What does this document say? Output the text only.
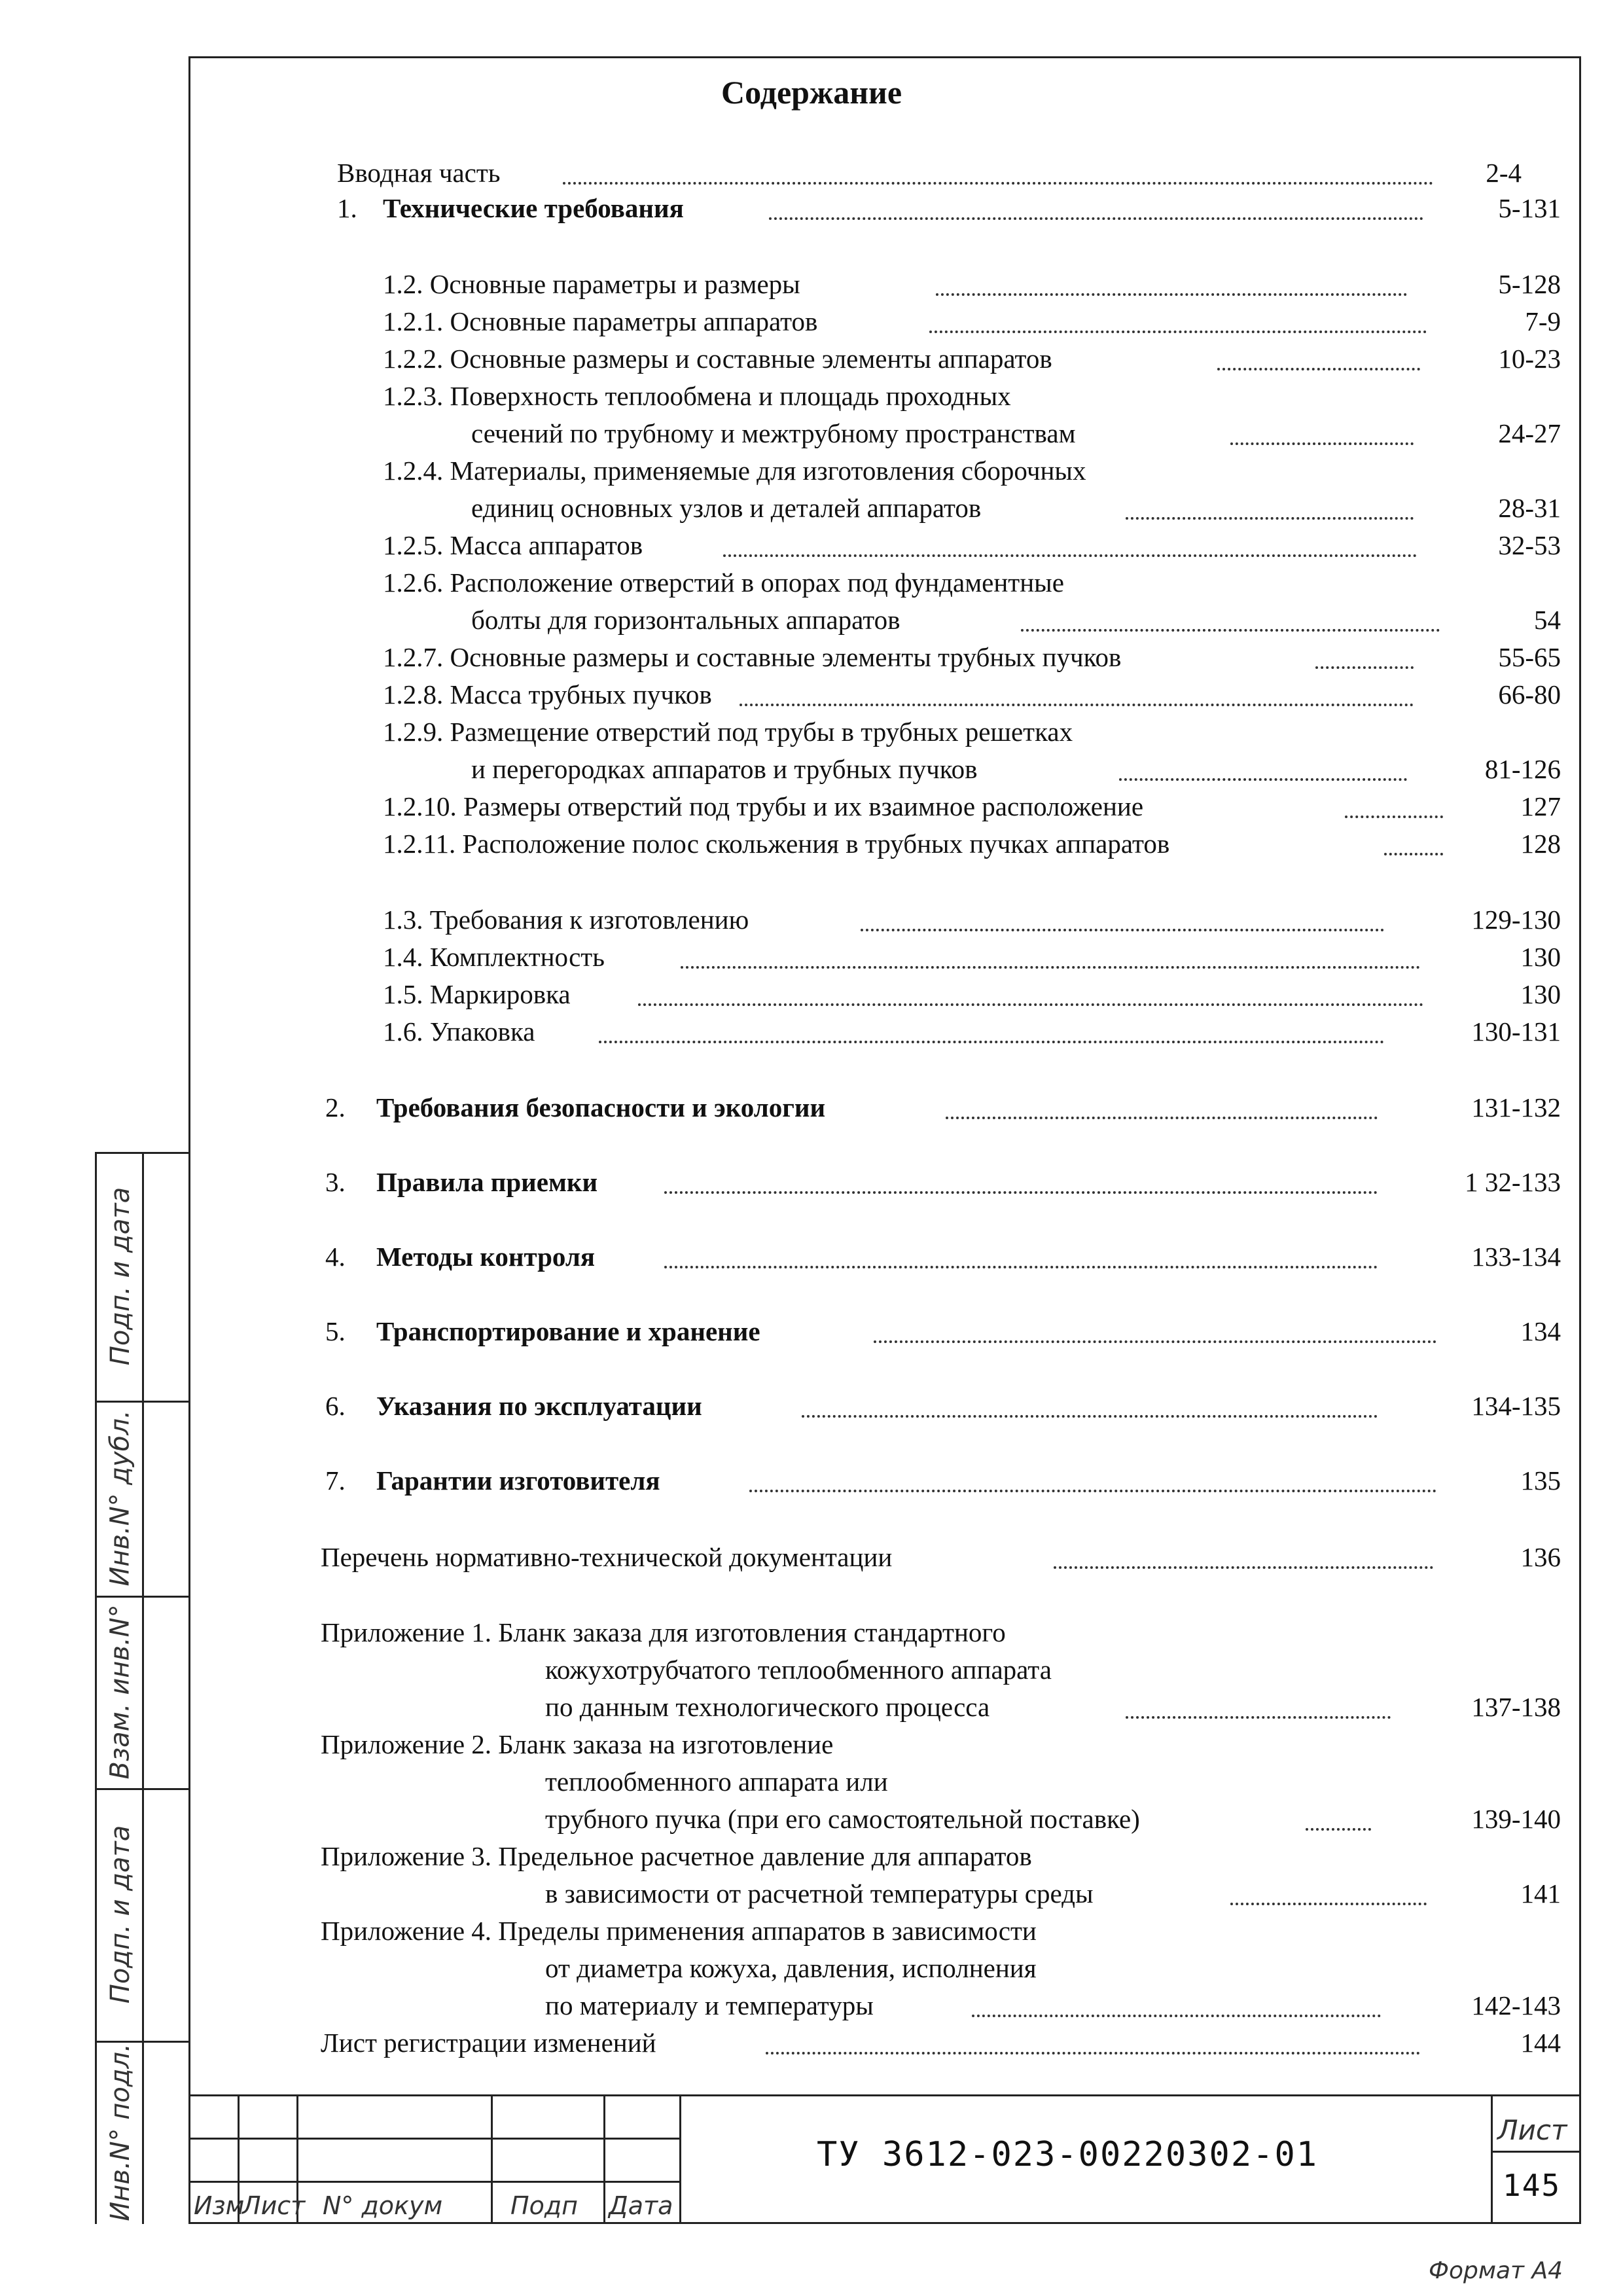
Содержание
Вводная часть	2-4
1. Технические требования	5-131
1.2. Основные параметры и размеры	5-128
1.2.1. Основные параметры аппаратов	7-9
1.2.2. Основные размеры и составные элементы аппаратов	10-23
1.2.3. Поверхность теплообмена и площадь проходных
сечений по трубному и межтрубному пространствам	24-27
1.2.4. Материалы, применяемые для изготовления сборочных
единиц основных узлов и деталей аппаратов	28-31
1.2.5. Масса аппаратов	32-53
1.2.6. Расположение отверстий в опорах под фундаментные
болты для горизонтальных аппаратов	54
1.2.7. Основные размеры и составные элементы трубных пучков	55-65
1.2.8. Масса трубных пучков	66-80
1.2.9. Размещение отверстий под трубы в трубных решетках
и перегородках аппаратов и трубных пучков	81-126
1.2.10. Размеры отверстий под трубы и их взаимное расположение	127
1.2.11. Расположение полос скольжения в трубных пучках аппаратов	128
1.3. Требования к изготовлению	129-130
1.4. Комплектность	130
1.5. Маркировка	130
1.6. Упаковка	130-131
2. Требования безопасности и экологии	131-132
3. Правила приемки	1 32-133
4. Методы контроля	133-134
5. Транспортирование и хранение	134
6. Указания по эксплуатации	134-135
7. Гарантии изготовителя	135
Перечень нормативно-технической документации	136
Приложение 1. Бланк заказа для изготовления стандартного
кожухотрубчатого теплообменного аппарата
по данным технологического процесса	137-138
Приложение 2. Бланк заказа на изготовление
теплообменного аппарата или
трубного пучка (при его самостоятельной поставке)	139-140
Приложение 3. Предельное расчетное давление для аппаратов
в зависимости от расчетной температуры среды	141
Приложение 4. Пределы применения аппаратов в зависимости
от диаметра кожуха, давления, исполнения
по материалу и температуры	142-143
Лист регистрации изменений	144
Подп. и дата
Инв.N° дубл.
Взам. инв.N°
Подп. и дата
Инв.N° подл. Изм
Лист N° докум	Подп Дата
ТУ 3612-023-00220302-01
Лист
145
Формат А4
